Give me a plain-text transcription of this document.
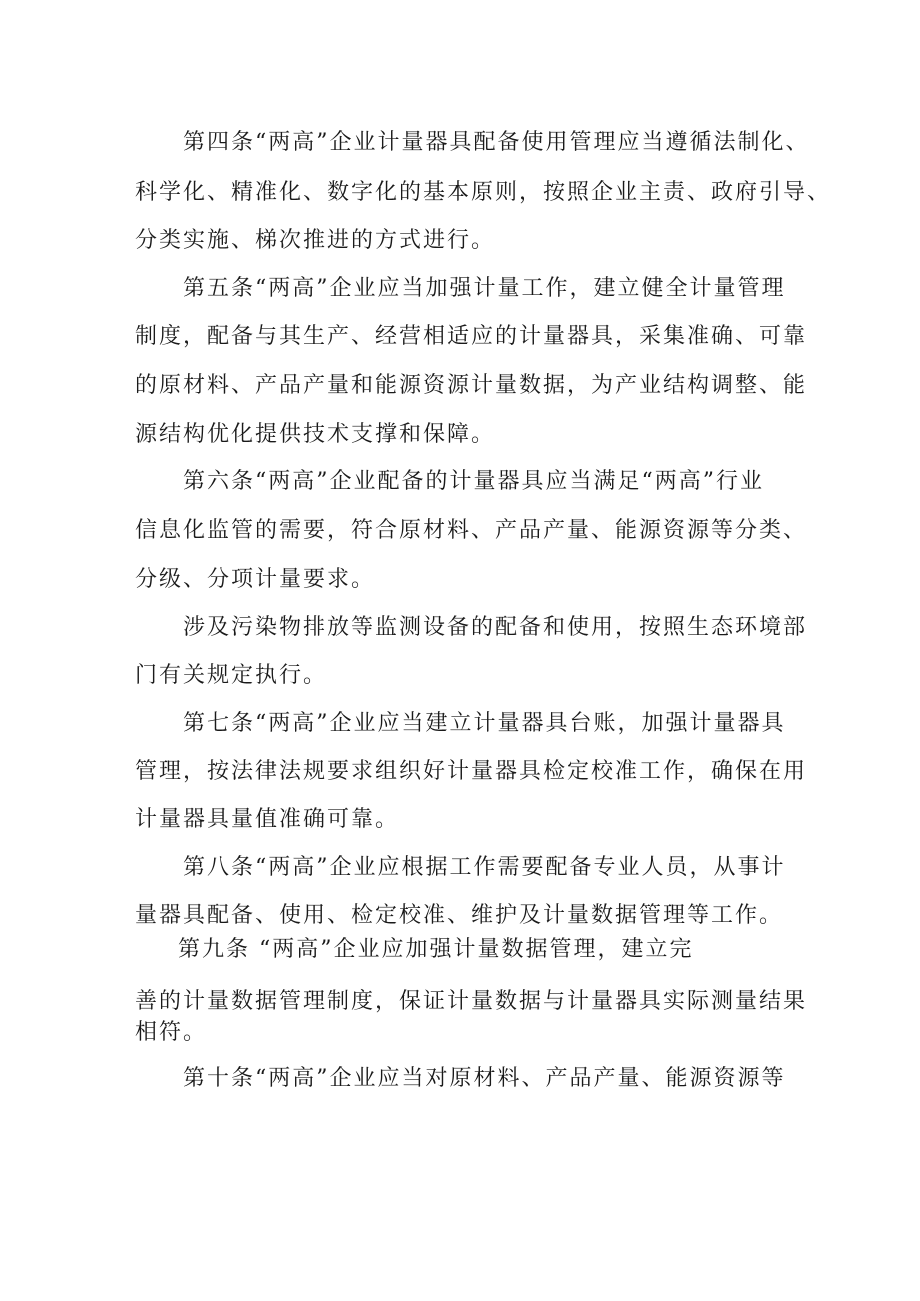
第四条“两高”企业计量器具配备使用管理应当遵循法制化、
科学化、精准化、数字化的基本原则，按照企业主责、政府引导、
分类实施、梯次推进的方式进行。
第五条“两高”企业应当加强计量工作，建立健全计量管理
制度，配备与其生产、经营相适应的计量器具，采集准确、可靠
的原材料、产品产量和能源资源计量数据，为产业结构调整、能
源结构优化提供技术支撑和保障。
第六条“两高”企业配备的计量器具应当满足“两高”行业
信息化监管的需要，符合原材料、产品产量、能源资源等分类、
分级、分项计量要求。
涉及污染物排放等监测设备的配备和使用，按照生态环境部
门有关规定执行。
第七条“两高”企业应当建立计量器具台账，加强计量器具
管理，按法律法规要求组织好计量器具检定校准工作，确保在用
计量器具量值准确可靠。
第八条“两高”企业应根据工作需要配备专业人员，从事计
量器具配备、使用、检定校准、维护及计量数据管理等工作。
第九条 “两高”企业应加强计量数据管理，建立完
善的计量数据管理制度，保证计量数据与计量器具实际测量结果
相符。
第十条“两高”企业应当对原材料、产品产量、能源资源等
